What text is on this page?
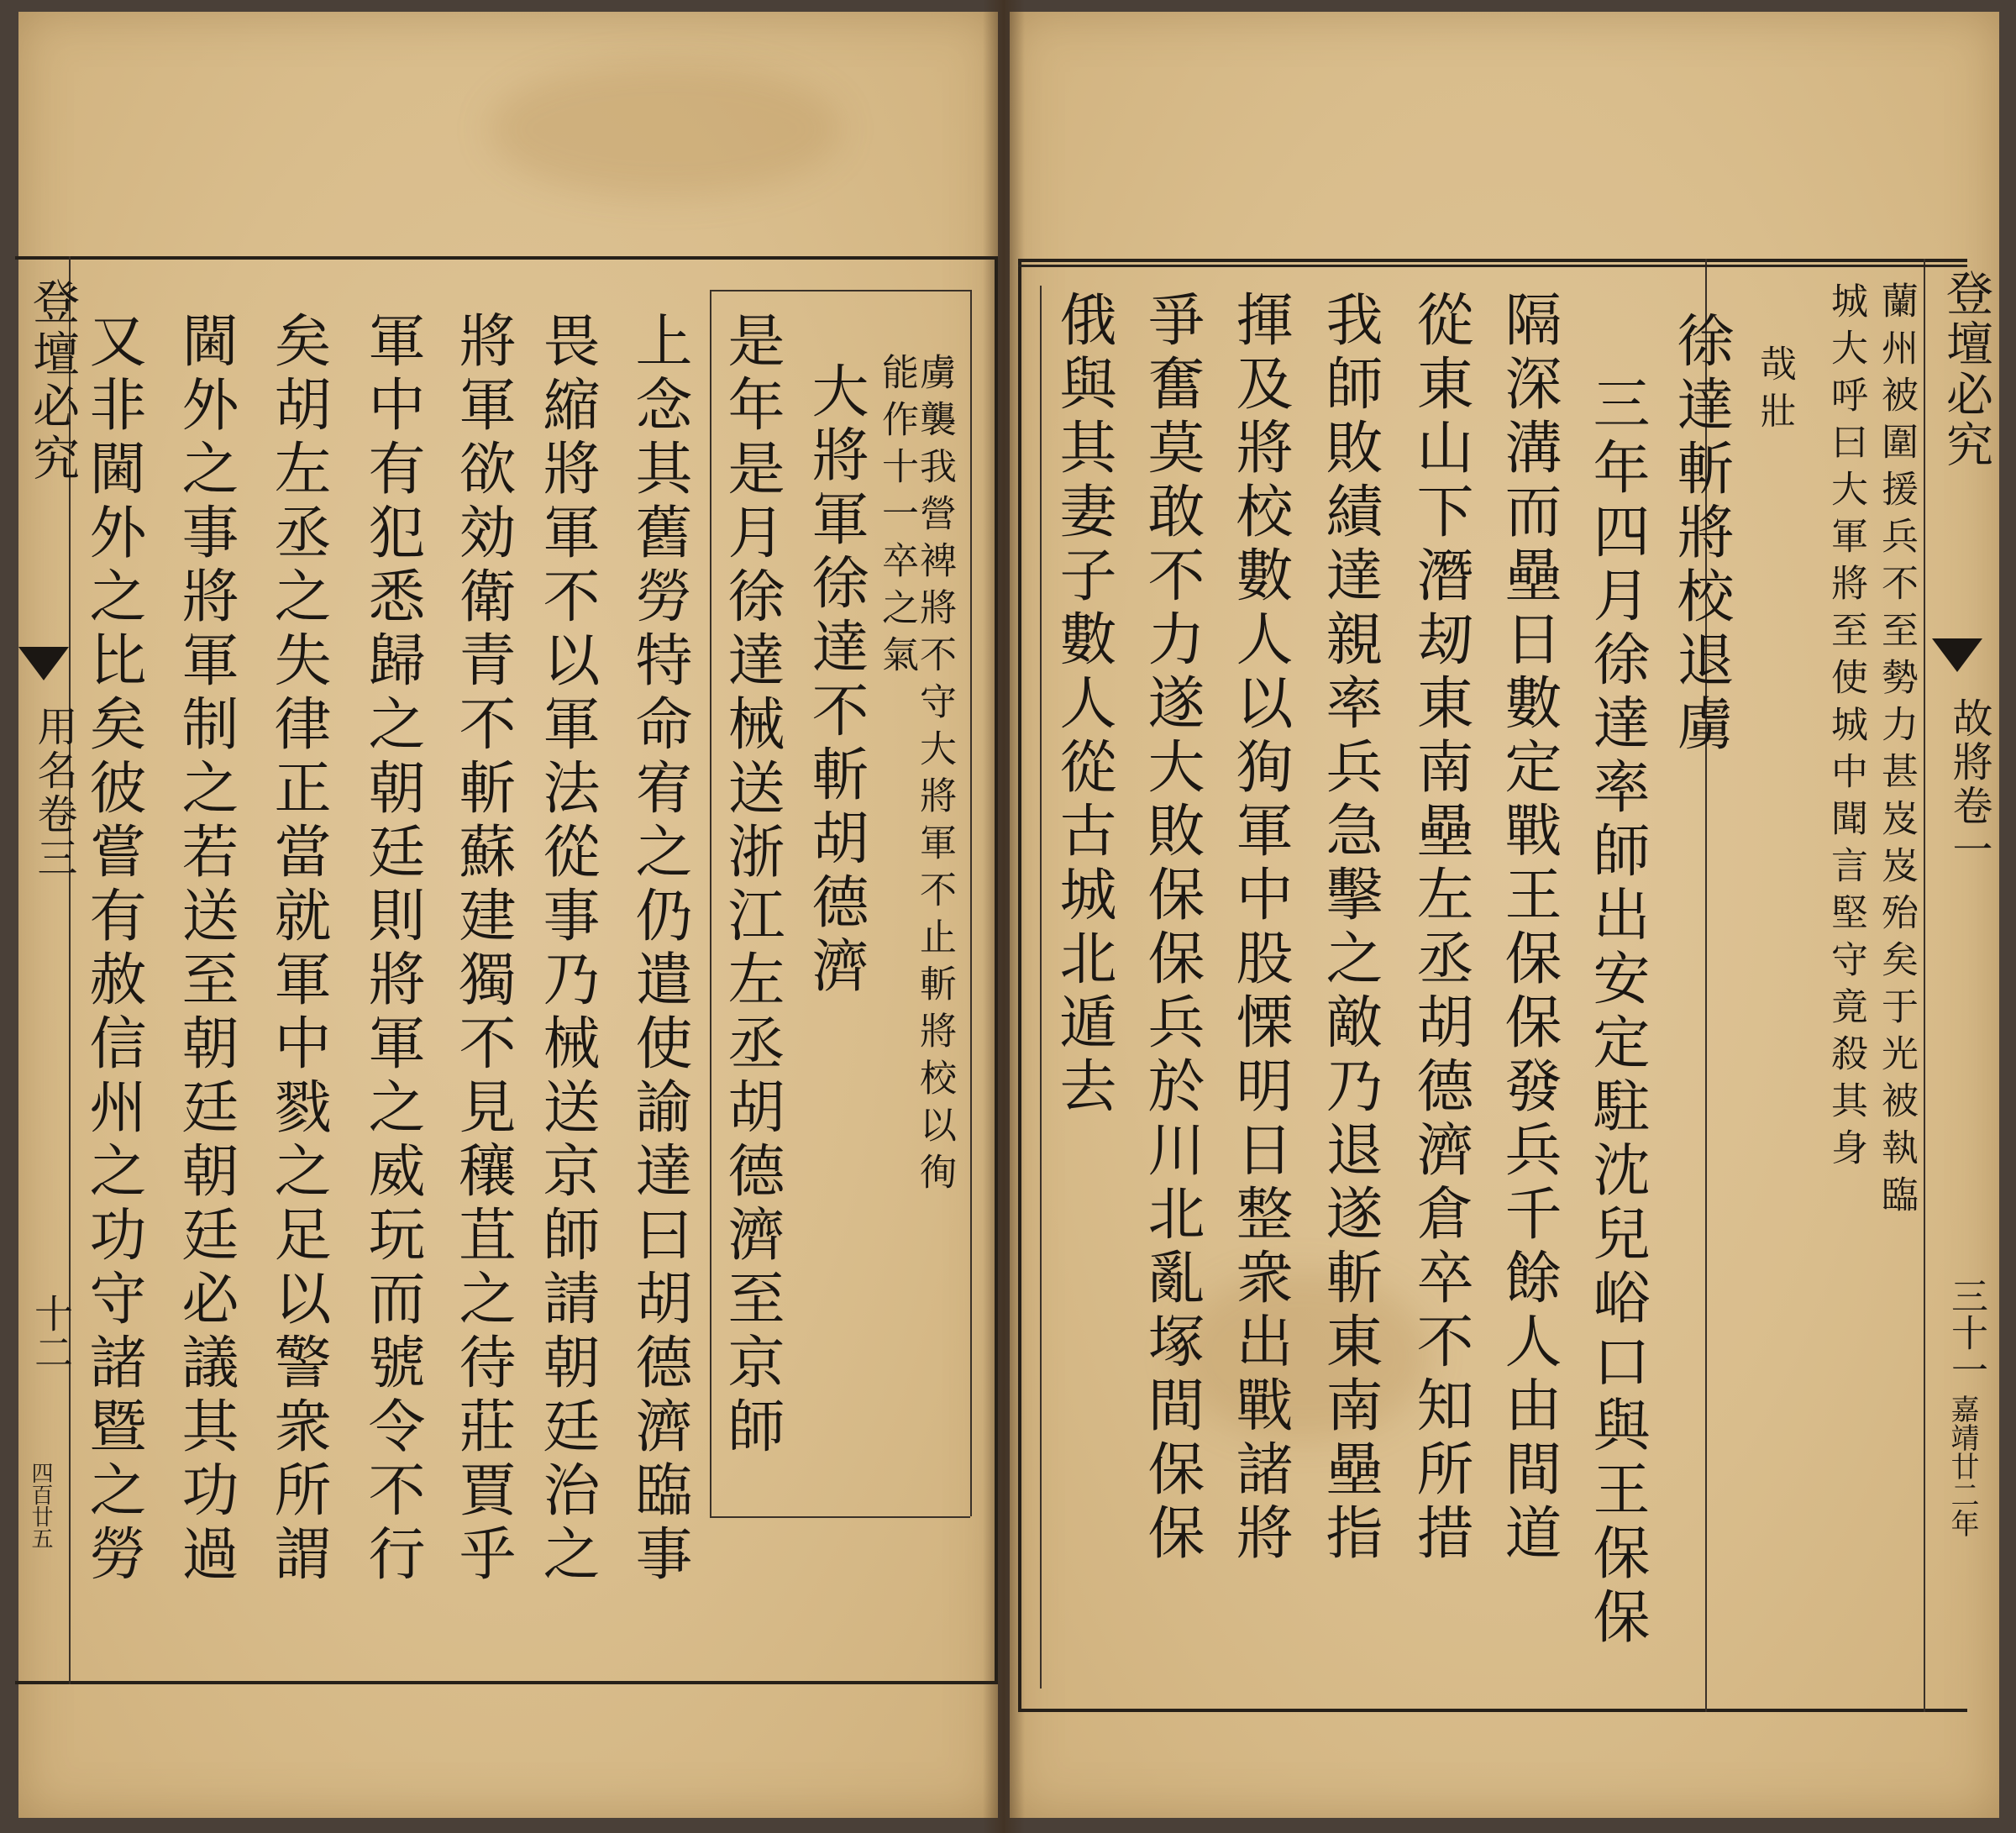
登壇必究
用名卷三
十二
四百廿五 又非閫外之比矣彼嘗有赦信州之功守諸暨之勞 閫外之事將軍制之若送至朝廷朝廷必議其功過 矣胡左丞之失律正當就軍中戮之足以警衆所謂 軍中有犯悉歸之朝廷則將軍之威玩而號令不行 將軍欲効衛青不斬蘇建獨不見穰苴之待莊賈乎 畏縮將軍不以軍法從事乃械送京師請朝廷治之 上念其舊勞特命宥之仍遣使諭達曰胡德濟臨事 是年是月徐達械送浙江左丞胡德濟至京師 大將軍徐達不斬胡德濟 虜襲我營裨將不守大將軍不止斬將校以徇
能作十一卒之氣	登壇必究
故將卷一
三十一
嘉靖廿二年
俄與其妻子數人從古城北遁去 爭奮莫敢不力遂大敗保保兵於川北亂塚間保保 揮及將校數人以狥軍中股慄明日整衆出戰諸將 我師敗績達親率兵急擊之敵乃退遂斬東南壘指 從東山下潛刼東南壘左丞胡德濟倉卒不知所措 隔深溝而壘日數定戰王保保發兵千餘人由間道 三年四月徐達率師出安定駐沈兒峪口與王保保 徐達斬將校退虜 哉壯 城大呼曰大軍將至使城中聞言堅守竟殺其身 蘭州被圍援兵不至勢力甚岌岌殆矣于光被執臨
